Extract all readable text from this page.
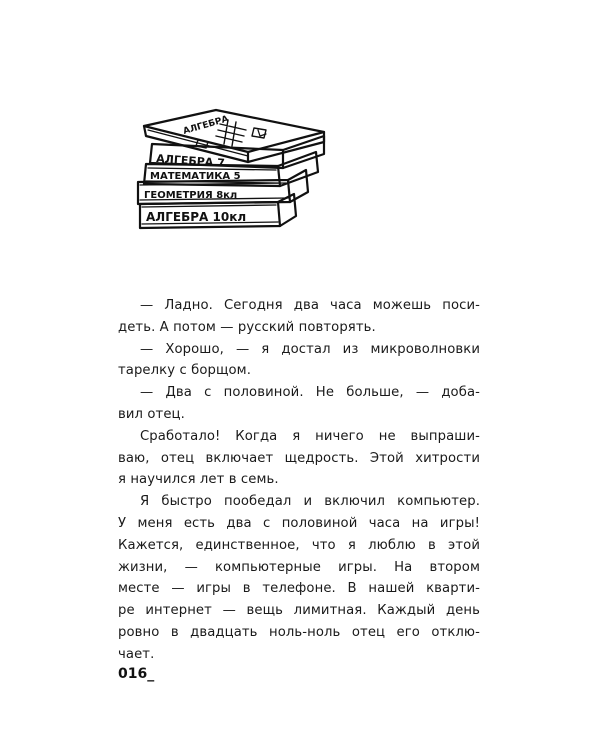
АЛГЕБРА
АЛГЕБРА 7
МАТЕМАТИКА 5
ГЕОМЕТРИЯ 8кл
АЛГЕБРА 10кл
— Ладно. Сегодня два часа можешь поси-
деть. А потом — русский повторять.
— Хорошо, — я достал из микроволновки
тарелку с борщом.
— Два с половиной. Не больше, — доба-
вил отец.
Сработало! Когда я ничего не выпраши-
ваю, отец включает щедрость. Этой хитрости
я научился лет в семь.
Я быстро пообедал и включил компьютер.
У меня есть два с половиной часа на игры!
Кажется, единственное, что я люблю в этой
жизни, — компьютерные игры. На втором
месте — игры в телефоне. В нашей кварти-
ре интернет — вещь лимитная. Каждый день
ровно в двадцать ноль-ноль отец его отклю-
чает.
016_
